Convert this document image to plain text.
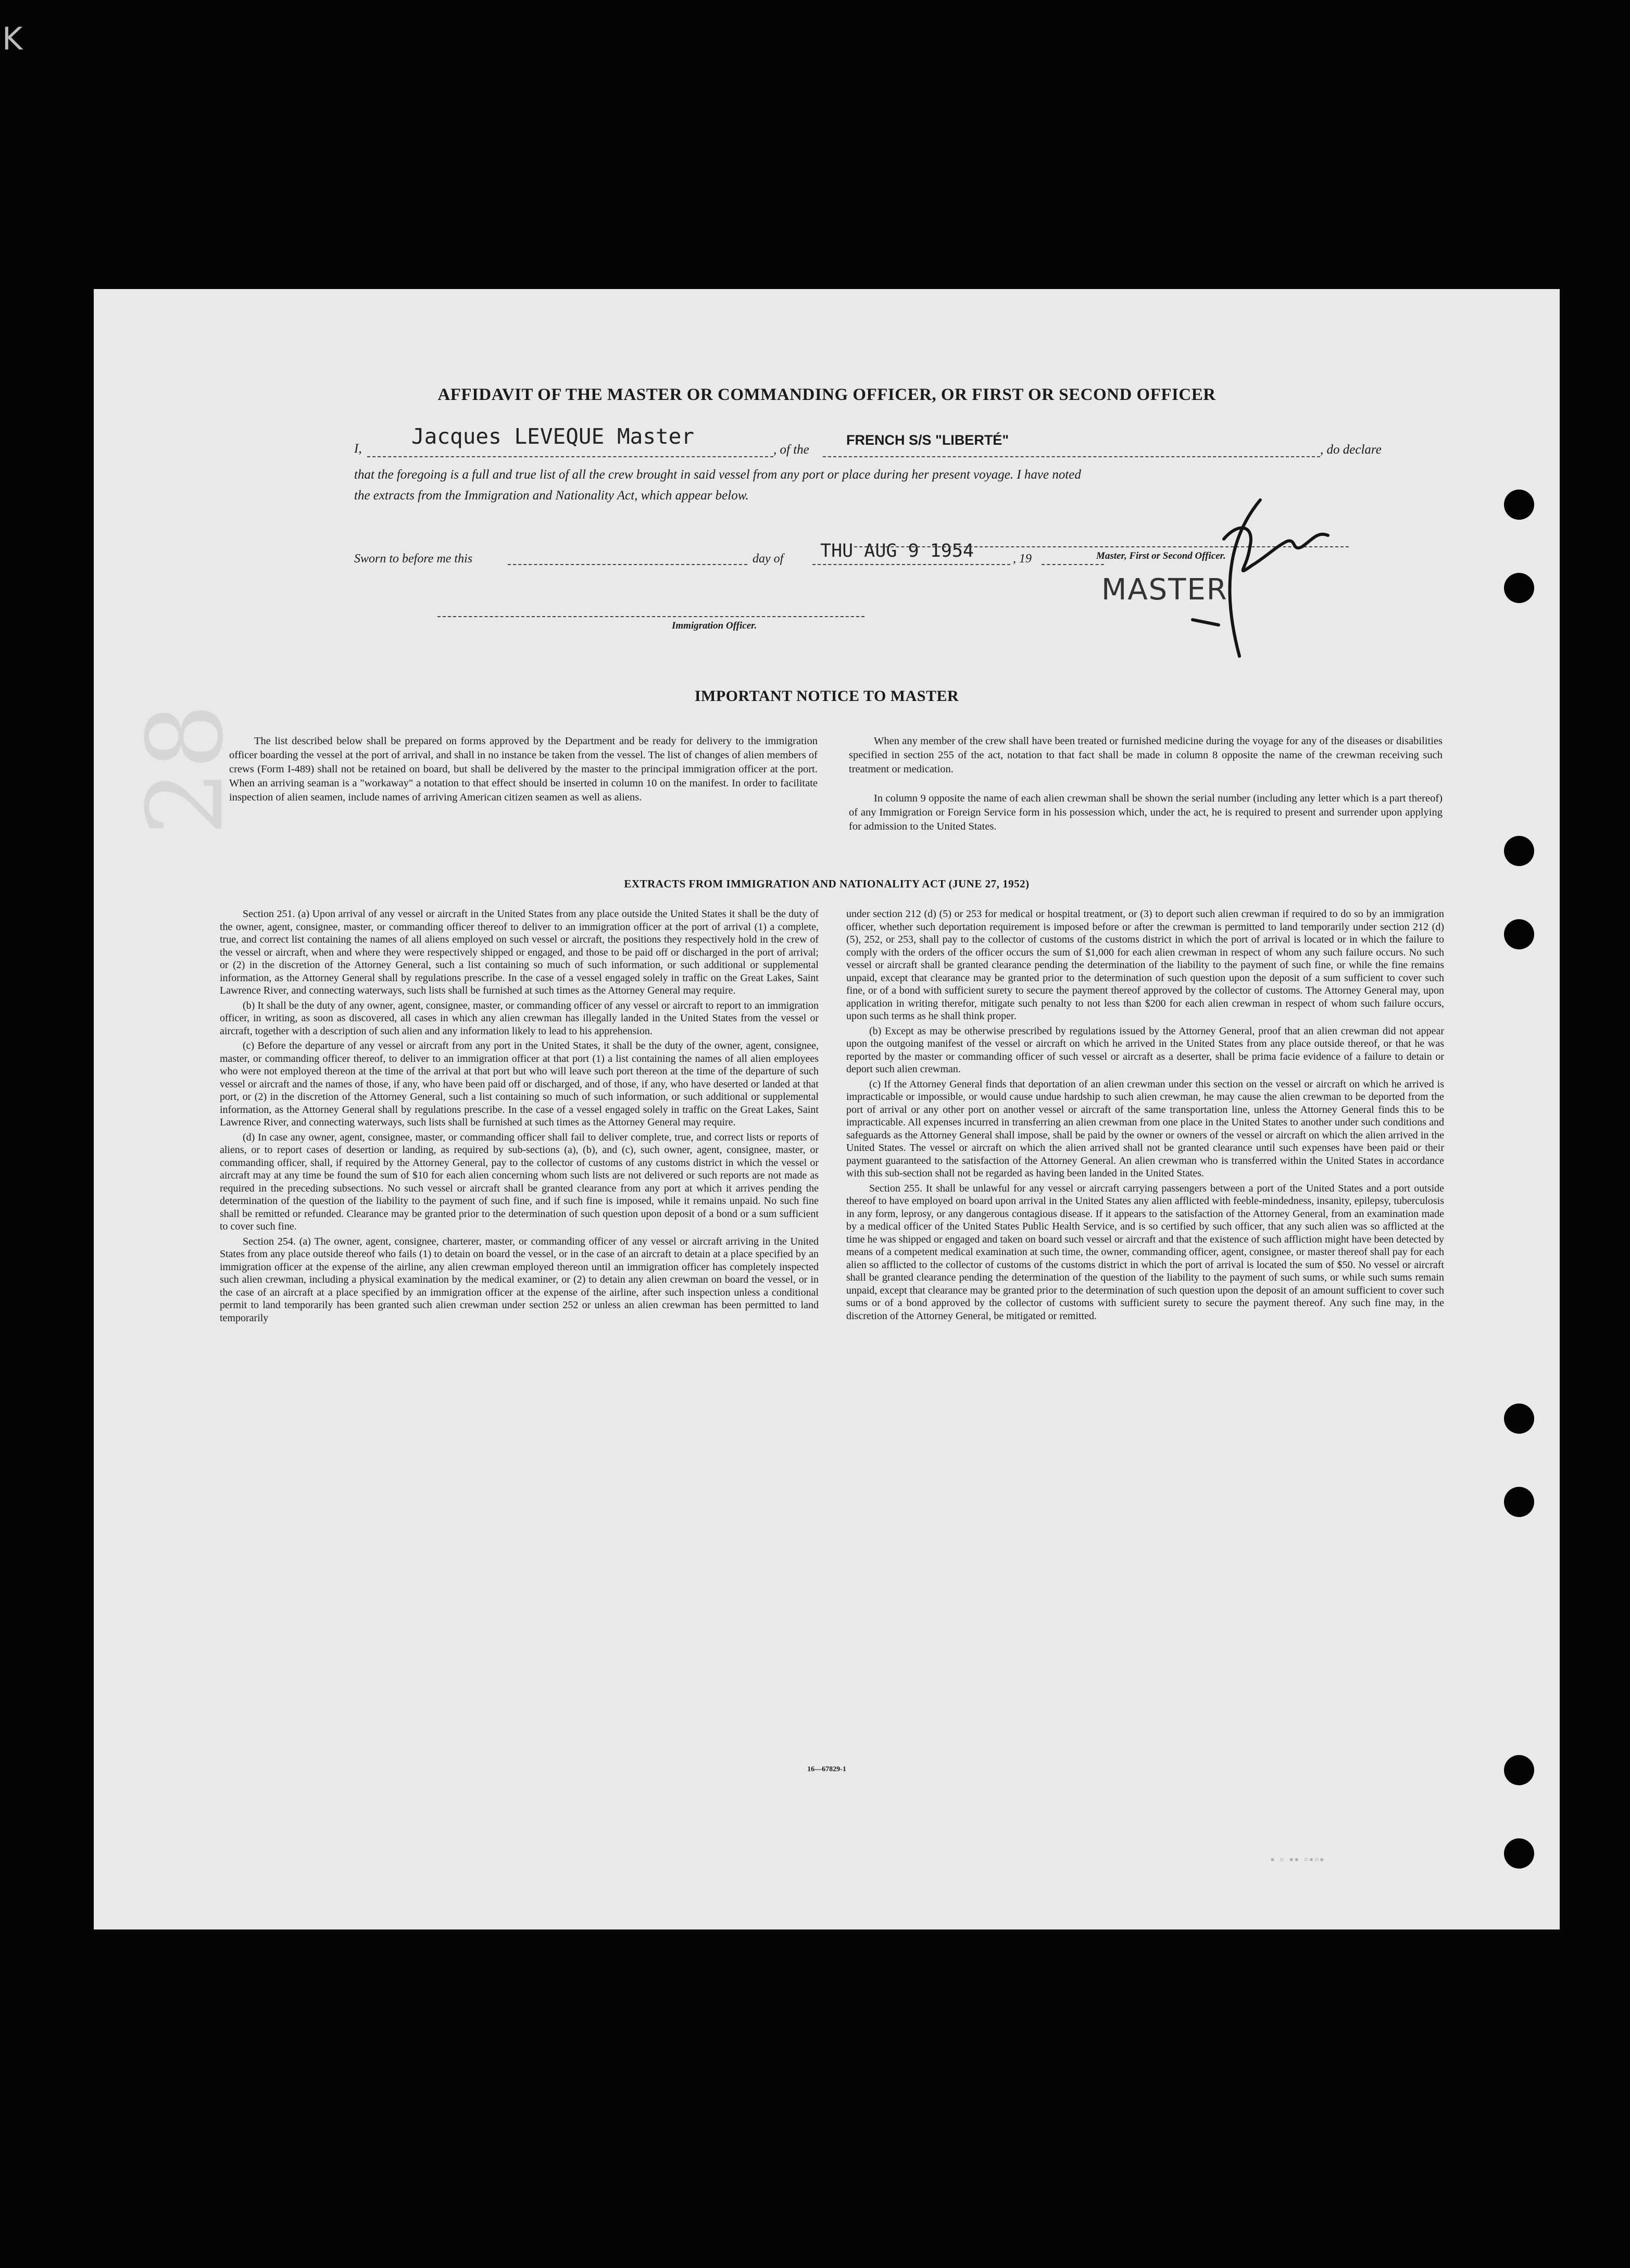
K
28
AFFIDAVIT OF THE MASTER OR COMMANDING OFFICER, OR FIRST OR SECOND OFFICER
I, Jacques LEVEQUE Master
, of the
FRENCH S/S "LIBERTÉ"
, do declare
that the foregoing is a full and true list of all the crew brought in said vessel from any port or place during her present voyage. I have noted
the extracts from the Immigration and Nationality Act, which appear below.
Sworn to before me this	day of THU AUG 9 1954	, 19	Master, First or Second Officer.
Immigration Officer.
MASTER
IMPORTANT NOTICE TO MASTER

The list described below shall be prepared on forms approved by the Department and be ready for delivery to the immigration officer boarding the vessel at the port of arrival, and shall in no instance be taken from the vessel. The list of changes of alien members of crews (Form I-489) shall not be retained on board, but shall be delivered by the master to the principal immigration officer at the port. When an arriving seaman is a "workaway" a notation to that effect should be inserted in column 10 on the manifest. In order to facilitate inspection of alien seamen, include names of arriving American citizen seamen as well as aliens.

When any member of the crew shall have been treated or furnished medicine during the voyage for any of the diseases or disabilities specified in section 255 of the act, notation to that fact shall be made in column 8 opposite the name of the crewman receiving such treatment or medication.

In column 9 opposite the name of each alien crewman shall be shown the serial number (including any letter which is a part thereof) of any Immigration or Foreign Service form in his possession which, under the act, he is required to present and surrender upon applying for admission to the United States.

EXTRACTS FROM IMMIGRATION AND NATIONALITY ACT (JUNE 27, 1952)

Section 251. (a) Upon arrival of any vessel or aircraft in the United States from any place outside the United States it shall be the duty of the owner, agent, consignee, master, or commanding officer thereof to deliver to an immigration officer at the port of arrival (1) a complete, true, and correct list containing the names of all aliens employed on such vessel or aircraft, the positions they respectively hold in the crew of the vessel or aircraft, when and where they were respectively shipped or engaged, and those to be paid off or discharged in the port of arrival; or (2) in the discretion of the Attorney General, such a list containing so much of such information, or such additional or supplemental information, as the Attorney General shall by regulations prescribe. In the case of a vessel engaged solely in traffic on the Great Lakes, Saint Lawrence River, and connecting waterways, such lists shall be furnished at such times as the Attorney General may require.

(b) It shall be the duty of any owner, agent, consignee, master, or commanding officer of any vessel or aircraft to report to an immigration officer, in writing, as soon as discovered, all cases in which any alien crewman has illegally landed in the United States from the vessel or aircraft, together with a description of such alien and any information likely to lead to his apprehension.

(c) Before the departure of any vessel or aircraft from any port in the United States, it shall be the duty of the owner, agent, consignee, master, or commanding officer thereof, to deliver to an immigration officer at that port (1) a list containing the names of all alien employees who were not employed thereon at the time of the arrival at that port but who will leave such port thereon at the time of the departure of such vessel or aircraft and the names of those, if any, who have been paid off or discharged, and of those, if any, who have deserted or landed at that port, or (2) in the discretion of the Attorney General, such a list containing so much of such information, or such additional or supplemental information, as the Attorney General shall by regulations prescribe. In the case of a vessel engaged solely in traffic on the Great Lakes, Saint Lawrence River, and connecting waterways, such lists shall be furnished at such times as the Attorney General may require.

(d) In case any owner, agent, consignee, master, or commanding officer shall fail to deliver complete, true, and correct lists or reports of aliens, or to report cases of desertion or landing, as required by sub-sections (a), (b), and (c), such owner, agent, consignee, master, or commanding officer, shall, if required by the Attorney General, pay to the collector of customs of any customs district in which the vessel or aircraft may at any time be found the sum of $10 for each alien concerning whom such lists are not delivered or such reports are not made as required in the preceding subsections. No such vessel or aircraft shall be granted clearance from any port at which it arrives pending the determination of the question of the liability to the payment of such fine, and if such fine is imposed, while it remains unpaid. No such fine shall be remitted or refunded. Clearance may be granted prior to the determination of such question upon deposit of a bond or a sum sufficient to cover such fine.

Section 254. (a) The owner, agent, consignee, charterer, master, or commanding officer of any vessel or aircraft arriving in the United States from any place outside thereof who fails (1) to detain on board the vessel, or in the case of an aircraft to detain at a place specified by an immigration officer at the expense of the airline, any alien crewman employed thereon until an immigration officer has completely inspected such alien crewman, including a physical examination by the medical examiner, or (2) to detain any alien crewman on board the vessel, or in the case of an aircraft at a place specified by an immigration officer at the expense of the airline, after such inspection unless a conditional permit to land temporarily has been granted such alien crewman under section 252 or unless an alien crewman has been permitted to land temporarily

under section 212 (d) (5) or 253 for medical or hospital treatment, or (3) to deport such alien crewman if required to do so by an immigration officer, whether such deportation requirement is imposed before or after the crewman is permitted to land temporarily under section 212 (d) (5), 252, or 253, shall pay to the collector of customs of the customs district in which the port of arrival is located or in which the failure to comply with the orders of the officer occurs the sum of $1,000 for each alien crewman in respect of whom any such failure occurs. No such vessel or aircraft shall be granted clearance pending the determination of the liability to the payment of such fine, or while the fine remains unpaid, except that clearance may be granted prior to the determination of such question upon the deposit of a sum sufficient to cover such fine, or of a bond with sufficient surety to secure the payment thereof approved by the collector of customs. The Attorney General may, upon application in writing therefor, mitigate such penalty to not less than $200 for each alien crewman in respect of whom such failure occurs, upon such terms as he shall think proper.

(b) Except as may be otherwise prescribed by regulations issued by the Attorney General, proof that an alien crewman did not appear upon the outgoing manifest of the vessel or aircraft on which he arrived in the United States from any place outside thereof, or that he was reported by the master or commanding officer of such vessel or aircraft as a deserter, shall be prima facie evidence of a failure to detain or deport such alien crewman.

(c) If the Attorney General finds that deportation of an alien crewman under this section on the vessel or aircraft on which he arrived is impracticable or impossible, or would cause undue hardship to such alien crewman, he may cause the alien crewman to be deported from the port of arrival or any other port on another vessel or aircraft of the same transportation line, unless the Attorney General finds this to be impracticable. All expenses incurred in transferring an alien crewman from one place in the United States to another under such conditions and safeguards as the Attorney General shall impose, shall be paid by the owner or owners of the vessel or aircraft on which the alien arrived in the United States. The vessel or aircraft on which the alien arrived shall not be granted clearance until such expenses have been paid or their payment guaranteed to the satisfaction of the Attorney General. An alien crewman who is transferred within the United States in accordance with this sub-section shall not be regarded as having been landed in the United States.

Section 255. It shall be unlawful for any vessel or aircraft carrying passengers between a port of the United States and a port outside thereof to have employed on board upon arrival in the United States any alien afflicted with feeble-mindedness, insanity, epilepsy, tuberculosis in any form, leprosy, or any dangerous contagious disease. If it appears to the satisfaction of the Attorney General, from an examination made by a medical officer of the United States Public Health Service, and is so certified by such officer, that any such alien was so afflicted at the time he was shipped or engaged and taken on board such vessel or aircraft and that the existence of such affliction might have been detected by means of a competent medical examination at such time, the owner, commanding officer, agent, consignee, or master thereof shall pay for each alien so afflicted to the collector of customs of the customs district in which the port of arrival is located the sum of $50. No vessel or aircraft shall be granted clearance pending the determination of the question of the liability to the payment of such sums, or while such sums remain unpaid, except that clearance may be granted prior to the determination of such question upon the deposit of an amount sufficient to cover such sums or of a bond approved by the collector of customs with sufficient surety to secure the payment thereof. Any such fine may, in the discretion of the Attorney General, be mitigated or remitted.

16—67829-1
▪ ▫ ▪▪ ▫▪▫▪
